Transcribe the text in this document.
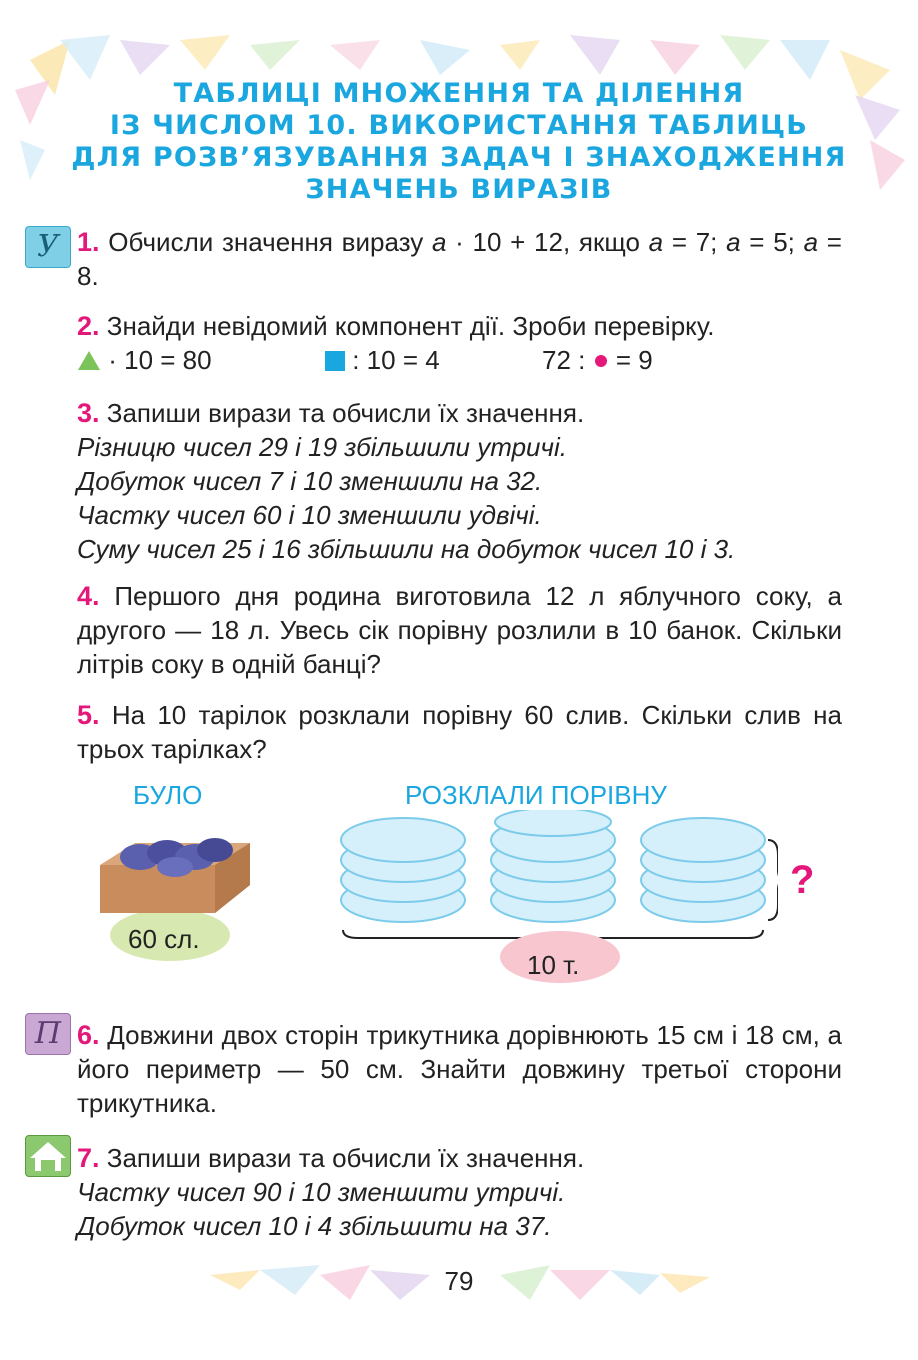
ТАБЛИЦІ МНОЖЕННЯ ТА ДІЛЕННЯ
ІЗ ЧИСЛОМ 10. ВИКОРИСТАННЯ ТАБЛИЦЬ
ДЛЯ РОЗВ’ЯЗУВАННЯ ЗАДАЧ І ЗНАХОДЖЕННЯ
ЗНАЧЕНЬ ВИРАЗІВ
У 1. Обчисли значення виразу a · 10 + 12, якщо a = 7; a = 5; a = 8.

2. Знайди невідомий компонент дії. Зроби перевірку.

· 10 = 80	: 10 = 4	72 :  = 9

3. Запиши вирази та обчисли їх значення.

Різницю чисел 29 і 19 збільшили утричі.

Добуток чисел 7 і 10 зменшили на 32.

Частку чисел 60 і 10 зменшили удвічі.

Суму чисел 25 і 16 збільшили на добуток чисел 10 і 3.

4. Першого дня родина виготовила 12 л яблучного соку, а другого — 18 л. Увесь сік порівну розлили в 10 банок. Скільки літрів соку в одній банці?

5. На 10 тарілок розклали порівну 60 слив. Скільки слив на трьох тарілках?

БУЛО	РОЗКЛАЛИ ПОРІВНУ
60 сл.
?
10 т.
П 6. Довжини двох сторін трикутника дорівнюють 15 см і 18 см, а його периметр — 50 см. Знайти довжину третьої сторони трикутника.

7. Запиши вирази та обчисли їх значення.

Частку чисел 90 і 10 зменшити утричі.

Добуток чисел 10 і 4 збільшити на 37.

79
